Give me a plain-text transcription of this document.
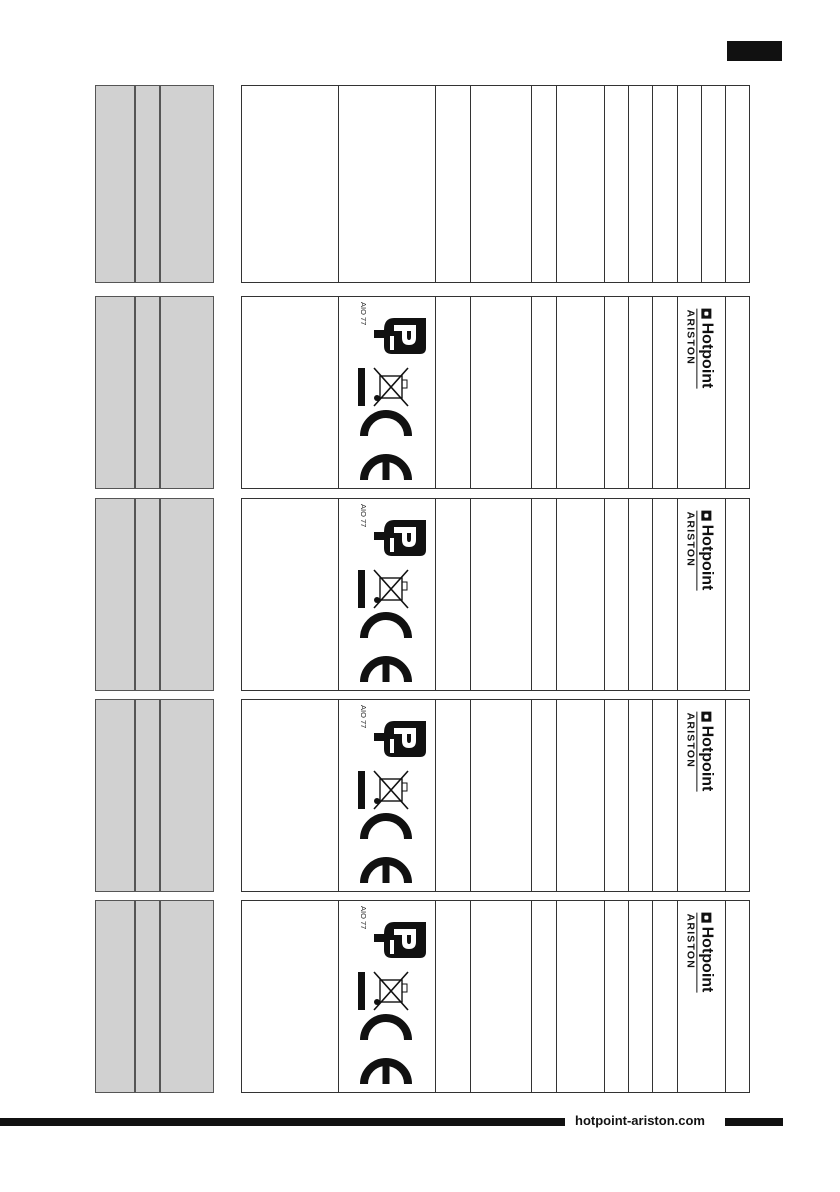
AIO 77
Hotpoint
ARISTON
AIO 77
Hotpoint
ARISTON
AIO 77
Hotpoint
ARISTON
AIO 77
Hotpoint
ARISTON
hotpoint-ariston.com
